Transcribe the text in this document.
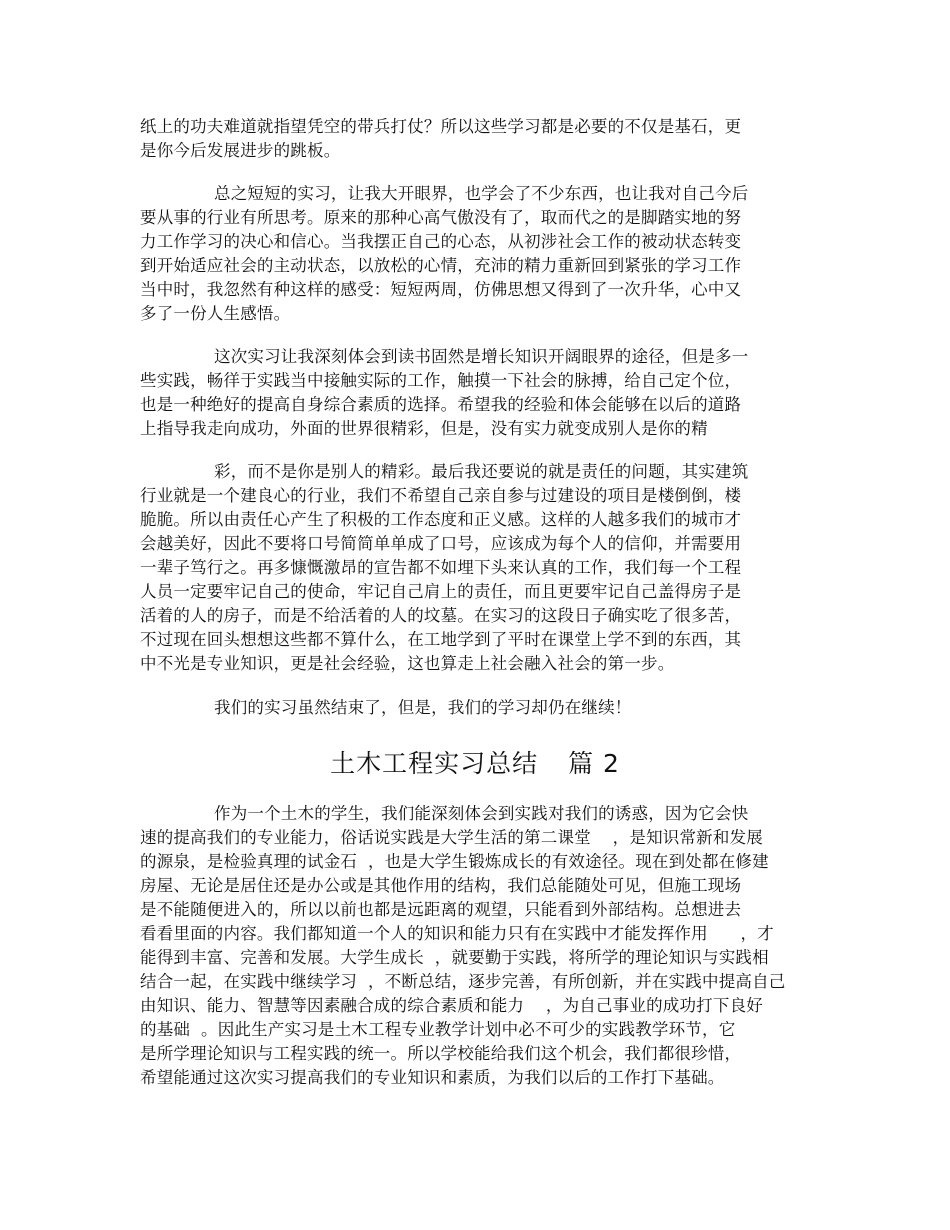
纸上的功夫难道就指望凭空的带兵打仗？所以这些学习都是必要的不仅是基石，更
是你今后发展进步的跳板。
总之短短的实习，让我大开眼界，也学会了不少东西，也让我对自己今后
要从事的行业有所思考。原来的那种心高气傲没有了，取而代之的是脚踏实地的努
力工作学习的决心和信心。当我摆正自己的心态，从初涉社会工作的被动状态转变
到开始适应社会的主动状态，以放松的心情，充沛的精力重新回到紧张的学习工作
当中时，我忽然有种这样的感受：短短两周，仿佛思想又得到了一次升华，心中又
多了一份人生感悟。
这次实习让我深刻体会到读书固然是增长知识开阔眼界的途径，但是多一
些实践，畅徉于实践当中接触实际的工作，触摸一下社会的脉搏，给自己定个位，
也是一种绝好的提高自身综合素质的选择。希望我的经验和体会能够在以后的道路
上指导我走向成功，外面的世界很精彩，但是，没有实力就变成别人是你的精
彩，而不是你是别人的精彩。最后我还要说的就是责任的问题，其实建筑
行业就是一个建良心的行业，我们不希望自己亲自参与过建设的项目是楼倒倒，楼
脆脆。所以由责任心产生了积极的工作态度和正义感。这样的人越多我们的城市才
会越美好，因此不要将口号简简单单成了口号，应该成为每个人的信仰，并需要用
一辈子笃行之。再多慷慨激昂的宣告都不如埋下头来认真的工作，我们每一个工程
人员一定要牢记自己的使命，牢记自己肩上的责任，而且更要牢记自己盖得房子是
活着的人的房子，而是不给活着的人的坟墓。在实习的这段日子确实吃了很多苦，
不过现在回头想想这些都不算什么，在工地学到了平时在课堂上学不到的东西，其
中不光是专业知识，更是社会经验，这也算走上社会融入社会的第一步。
我们的实习虽然结束了，但是，我们的学习却仍在继续！
土木工程实习总结 篇 2
作为一个土木的学生，我们能深刻体会到实践对我们的诱惑，因为它会快
速的提高我们的专业能力，俗话说实践是大学生活的第二课堂    ，是知识常新和发展
的源泉，是检验真理的试金石  ，也是大学生锻炼成长的有效途径。现在到处都在修建
房屋、无论是居住还是办公或是其他作用的结构，我们总能随处可见，但施工现场
是不能随便进入的，所以以前也都是远距离的观望，只能看到外部结构。总想进去
看看里面的内容。我们都知道一个人的知识和能力只有在实践中才能发挥作用      ，才
能得到丰富、完善和发展。大学生成长  ，就要勤于实践，将所学的理论知识与实践相
结合一起，在实践中继续学习  ，不断总结，逐步完善，有所创新，并在实践中提高自己
由知识、能力、智慧等因素融合成的综合素质和能力    ，为自己事业的成功打下良好
的基础  。因此生产实习是土木工程专业教学计划中必不可少的实践教学环节，它
是所学理论知识与工程实践的统一。所以学校能给我们这个机会，我们都很珍惜，
希望能通过这次实习提高我们的专业知识和素质，为我们以后的工作打下基础。
